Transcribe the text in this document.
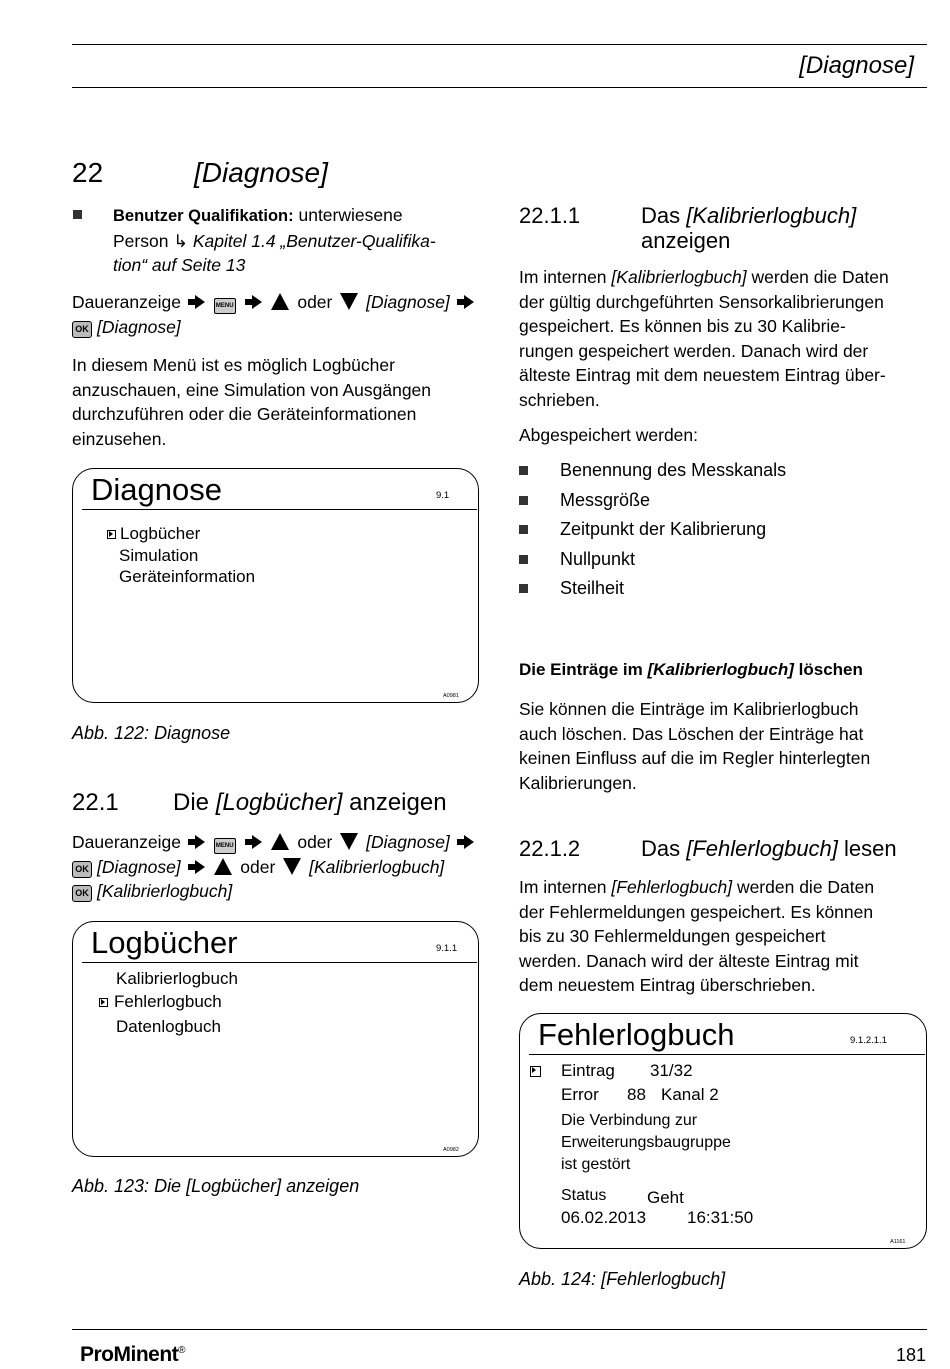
[Diagnose]
22	[Diagnose]
Benutzer Qualifikation: unterwiesene
Person ↳ Kapitel 1.4 „Benutzer-Qualifika-
tion“ auf Seite 13
Daueranzeige	MENU	oder [Diagnose]

OK [Diagnose]
In diesem Menü ist es möglich Logbücher
anzuschauen, eine Simulation von Ausgängen
durchzuführen oder die Geräteinformationen
einzusehen.
Diagnose	9.1
Logbücher
Simulation
Geräteinformation
A0981
Abb. 122: Diagnose
22.1 Die [Logbücher] anzeigen
Daueranzeige	MENU	oder [Diagnose]

OK [Diagnose]	oder [Kalibrierlogbuch]
OK [Kalibrierlogbuch]
Logbücher	9.1.1
Kalibrierlogbuch
Fehlerlogbuch
Datenlogbuch
A0982
Abb. 123: Die [Logbücher] anzeigen
22.1.1	Das [Kalibrierlogbuch]
anzeigen
Im internen [Kalibrierlogbuch] werden die Daten
der gültig durchgeführten Sensorkalibrierungen
gespeichert. Es können bis zu 30 Kalibrie-
rungen gespeichert werden. Danach wird der
älteste Eintrag mit dem neuestem Eintrag über-
schrieben.
Abgespeichert werden:
Benennung des Messkanals
Messgröße
Zeitpunkt der Kalibrierung
Nullpunkt
Steilheit
Die Einträge im [Kalibrierlogbuch] löschen
Sie können die Einträge im Kalibrierlogbuch
auch löschen. Das Löschen der Einträge hat
keinen Einfluss auf die im Regler hinterlegten
Kalibrierungen.
22.1.2	Das [Fehlerlogbuch] lesen
Im internen [Fehlerlogbuch] werden die Daten
der Fehlermeldungen gespeichert. Es können
bis zu 30 Fehlermeldungen gespeichert
werden. Danach wird der älteste Eintrag mit
dem neuestem Eintrag überschrieben.
Fehlerlogbuch	9.1.2.1.1
Eintrag 31/32
Error 88 Kanal 2
Die Verbindung zur
Erweiterungsbaugruppe
ist gestört
Status Geht
06.02.2013 16:31:50
A1161
Abb. 124: [Fehlerlogbuch]
ProMinent®	181
